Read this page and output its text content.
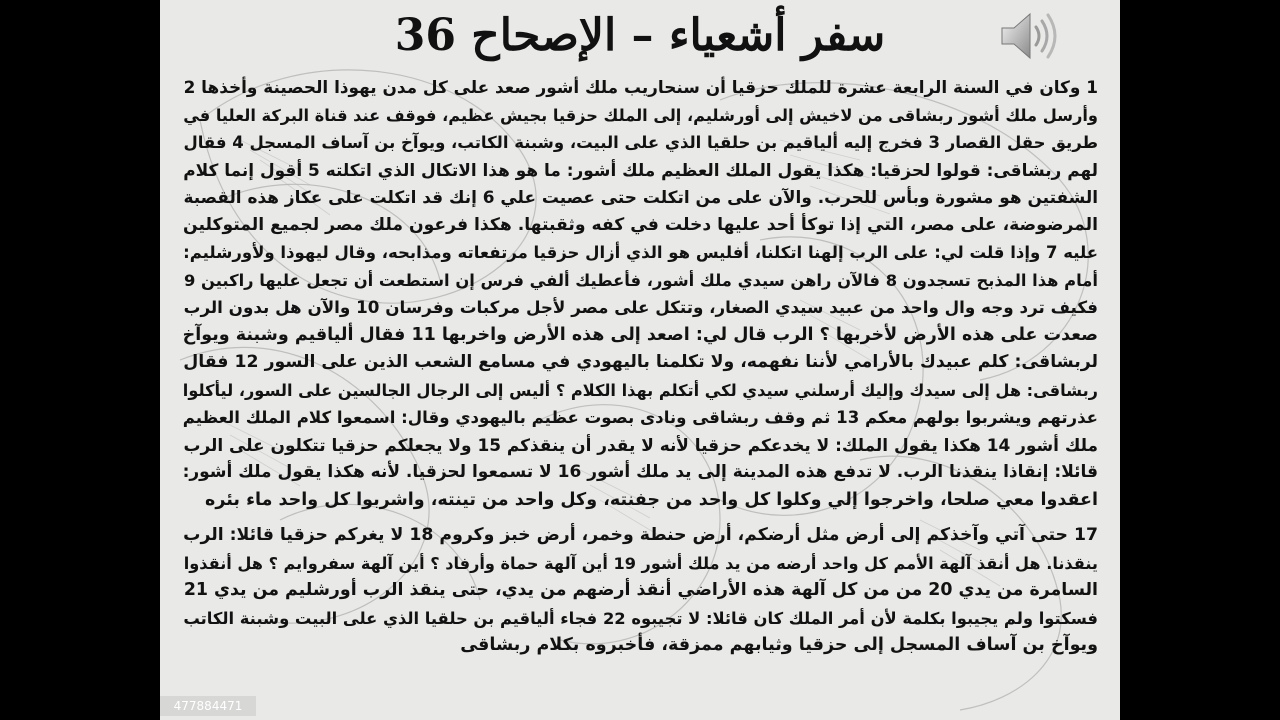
سفر أشعياء – الإصحاح 36
1 وكان في السنة الرابعة عشرة للملك حزقيا أن سنحاريب ملك أشور صعد على كل مدن يهوذا الحصينة وأخذها 2
وأرسل ملك أشور ربشاقى من لاخيش إلى أورشليم، إلى الملك حزقيا بجيش عظيم، فوقف عند قناة البركة العليا في
طريق حقل القصار 3 فخرج إليه ألياقيم بن حلقيا الذي على البيت، وشبنة الكاتب، ويوآخ بن آساف المسجل 4 فقال
لهم ربشاقى: قولوا لحزقيا: هكذا يقول الملك العظيم ملك أشور: ما هو هذا الاتكال الذي اتكلته 5 أقول إنما كلام
الشفتين هو مشورة وبأس للحرب. والآن على من اتكلت حتى عصيت علي 6 إنك قد اتكلت على عكاز هذه القصبة
المرضوضة، على مصر، التي إذا توكأ أحد عليها دخلت في كفه وثقبتها. هكذا فرعون ملك مصر لجميع المتوكلين
عليه 7 وإذا قلت لي: على الرب إلهنا اتكلنا، أفليس هو الذي أزال حزقيا مرتفعاته ومذابحه، وقال ليهوذا ولأورشليم:
أمام هذا المذبح تسجدون 8 فالآن راهن سيدي ملك أشور، فأعطيك ألفي فرس إن استطعت أن تجعل عليها راكبين 9
فكيف ترد وجه وال واحد من عبيد سيدي الصغار، وتتكل على مصر لأجل مركبات وفرسان 10 والآن هل بدون الرب
صعدت على هذه الأرض لأخربها ؟ الرب قال لي: اصعد إلى هذه الأرض واخربها 11 فقال ألياقيم وشبنة ويوآخ
لربشاقى: كلم عبيدك بالأرامي لأننا نفهمه، ولا تكلمنا باليهودي في مسامع الشعب الذين على السور 12 فقال
ربشاقى: هل إلى سيدك وإليك أرسلني سيدي لكي أتكلم بهذا الكلام ؟ أليس إلى الرجال الجالسين على السور، ليأكلوا
عذرتهم ويشربوا بولهم معكم 13 ثم وقف ربشاقى ونادى بصوت عظيم باليهودي وقال: اسمعوا كلام الملك العظيم
ملك أشور 14 هكذا يقول الملك: لا يخدعكم حزقيا لأنه لا يقدر أن ينقذكم 15 ولا يجعلكم حزقيا تتكلون على الرب
قائلا: إنقاذا ينقذنا الرب. لا تدفع هذه المدينة إلى يد ملك أشور 16 لا تسمعوا لحزقيا. لأنه هكذا يقول ملك أشور:
اعقدوا معي صلحا، واخرجوا إلي وكلوا كل واحد من جفنته، وكل واحد من تينته، واشربوا كل واحد ماء بئره
17 حتى آتي وآخذكم إلى أرض مثل أرضكم، أرض حنطة وخمر، أرض خبز وكروم 18 لا يغركم حزقيا قائلا: الرب
ينقذنا. هل أنقذ آلهة الأمم كل واحد أرضه من يد ملك أشور 19 أين آلهة حماة وأرفاد ؟ أين آلهة سفروايم ؟ هل أنقذوا
السامرة من يدي 20 من من كل آلهة هذه الأراضي أنقذ أرضهم من يدي، حتى ينقذ الرب أورشليم من يدي 21
فسكتوا ولم يجيبوا بكلمة لأن أمر الملك كان قائلا: لا تجيبوه 22 فجاء ألياقيم بن حلقيا الذي على البيت وشبنة الكاتب
ويوآخ بن آساف المسجل إلى حزقيا وثيابهم ممزقة، فأخبروه بكلام ربشاقى
477884471
